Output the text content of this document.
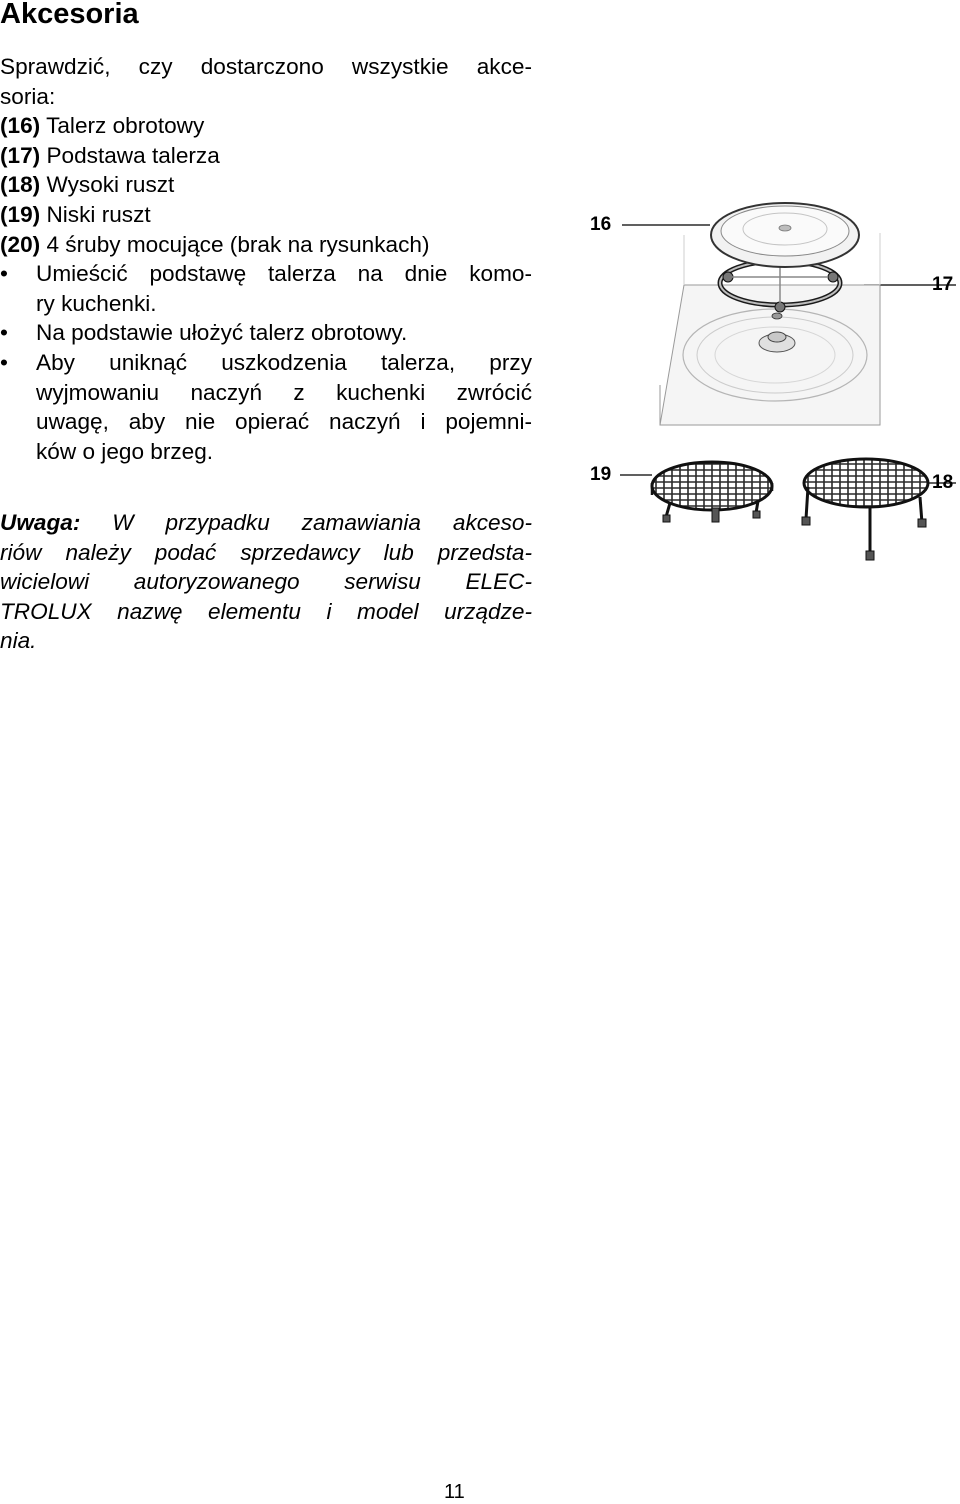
Akcesoria
Sprawdzić, czy dostarczono wszystkie akce-
soria:
(16) Talerz obrotowy
(17) Podstawa talerza
(18) Wysoki ruszt
(19) Niski ruszt
(20) 4 śruby mocujące (brak na rysunkach)
• Umieścić podstawę talerza na dnie komo-
ry kuchenki.
• Na podstawie ułożyć talerz obrotowy.
• Aby uniknąć uszkodzenia talerza, przy
wyjmowaniu naczyń z kuchenki zwrócić
uwagę, aby nie opierać naczyń i pojemni-
ków o jego brzeg.
Uwaga: W przypadku zamawiania akceso-
riów należy podać sprzedawcy lub przedsta-
wicielowi autoryzowanego serwisu ELEC-
TROLUX nazwę elementu i model urządze-
nia.
16
17
19	18
11
